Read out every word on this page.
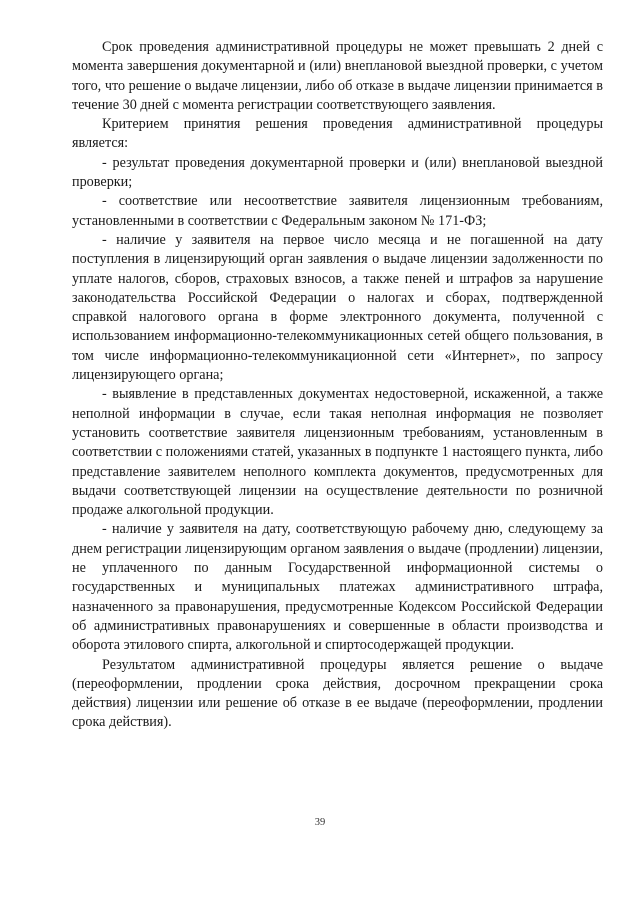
Срок проведения административной процедуры не может превышать 2 дней с момента завершения документарной и (или) внеплановой выездной проверки, с учетом того, что решение о выдаче лицензии, либо об отказе в выдаче лицензии принимается в течение 30 дней с момента регистрации соответствующего заявления.

Критерием принятия решения проведения административной процедуры является:

- результат проведения документарной проверки и (или) внеплановой выездной проверки;

- соответствие или несоответствие заявителя лицензионным требованиям, установленными в соответствии с Федеральным законом № 171-ФЗ;

- наличие у заявителя на первое число месяца и не погашенной на дату поступления в лицензирующий орган заявления о выдаче лицензии задолженности по уплате налогов, сборов, страховых взносов, а также пеней и штрафов за нарушение законодательства Российской Федерации о налогах и сборах, подтвержденной справкой налогового органа в форме электронного документа, полученной с использованием информационно-телекоммуникационных сетей общего пользования, в том числе информационно-телекоммуникационной сети «Интернет», по запросу лицензирующего органа;

- выявление в представленных документах недостоверной, искаженной, а также неполной информации в случае, если такая неполная информация не позволяет установить соответствие заявителя лицензионным требованиям, установленным в соответствии с положениями статей, указанных в подпункте 1 настоящего пункта, либо представление заявителем неполного комплекта документов, предусмотренных для выдачи соответствующей лицензии на осуществление деятельности по розничной продаже алкогольной продукции.

- наличие у заявителя на дату, соответствующую рабочему дню, следующему за днем регистрации лицензирующим органом заявления о выдаче (продлении) лицензии, не уплаченного по данным Государственной информационной системы о государственных и муниципальных платежах административного штрафа, назначенного за правонарушения, предусмотренные Кодексом Российской Федерации об административных правонарушениях и совершенные в области производства и оборота этилового спирта, алкогольной и спиртосодержащей продукции.

Результатом административной процедуры является решение о выдаче (переоформлении, продлении срока действия, досрочном прекращении срока действия) лицензии или решение об отказе в ее выдаче (переоформлении, продлении срока действия).

39
